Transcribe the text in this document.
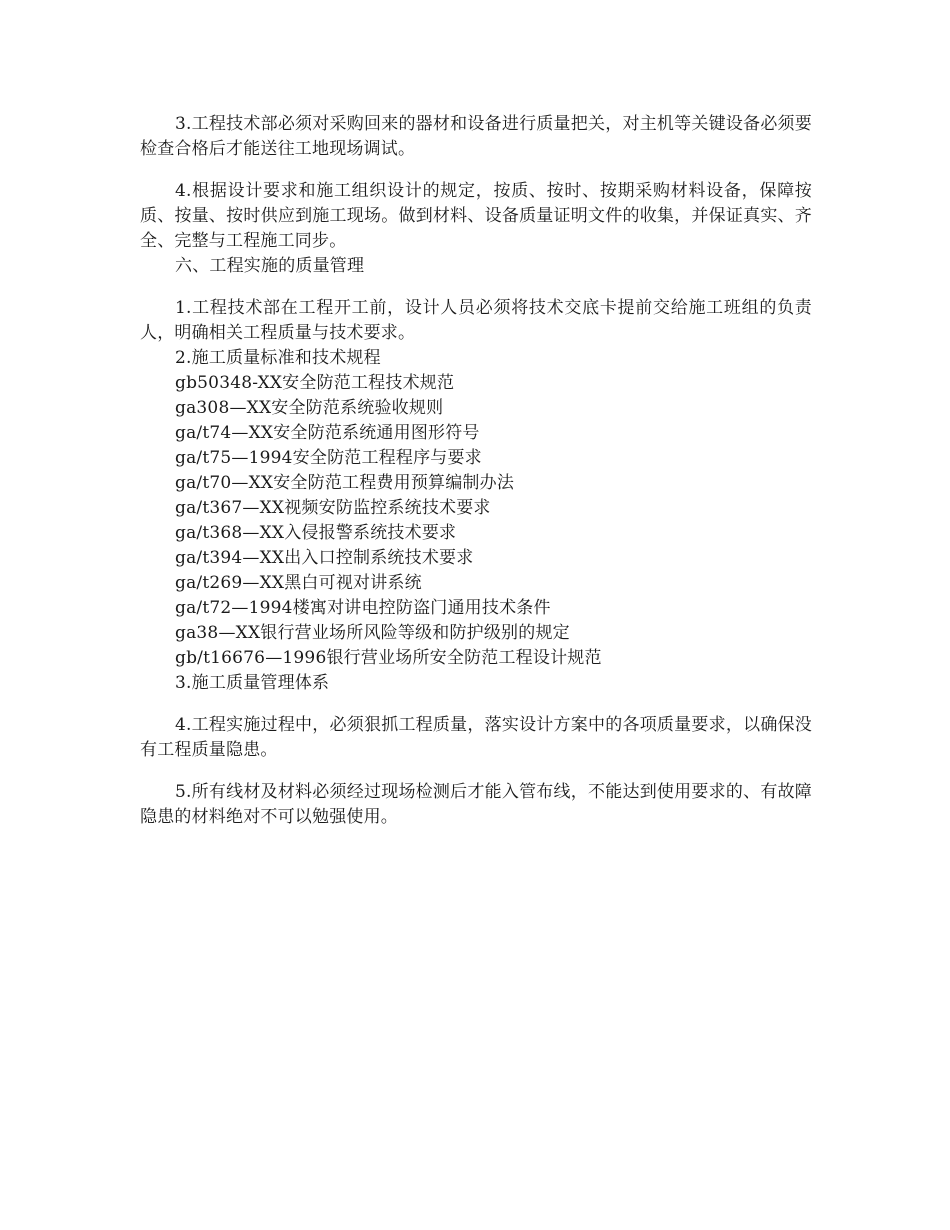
3.工程技术部必须对采购回来的器材和设备进行质量把关，对主机等关键设备必须要检查合格后才能送往工地现场调试。

4.根据设计要求和施工组织设计的规定，按质、按时、按期采购材料设备，保障按质、按量、按时供应到施工现场。做到材料、设备质量证明文件的收集，并保证真实、齐全、完整与工程施工同步。

六、工程实施的质量管理

1.工程技术部在工程开工前，设计人员必须将技术交底卡提前交给施工班组的负责人，明确相关工程质量与技术要求。

2.施工质量标准和技术规程

gb50348-XX安全防范工程技术规范

ga308—XX安全防范系统验收规则

ga/t74—XX安全防范系统通用图形符号

ga/t75—1994安全防范工程程序与要求

ga/t70—XX安全防范工程费用预算编制办法

ga/t367—XX视频安防监控系统技术要求

ga/t368—XX入侵报警系统技术要求

ga/t394—XX出入口控制系统技术要求

ga/t269—XX黑白可视对讲系统

ga/t72—1994楼寓对讲电控防盗门通用技术条件

ga38—XX银行营业场所风险等级和防护级别的规定

gb/t16676—1996银行营业场所安全防范工程设计规范

3.施工质量管理体系

4.工程实施过程中，必须狠抓工程质量，落实设计方案中的各项质量要求，以确保没有工程质量隐患。

5.所有线材及材料必须经过现场检测后才能入管布线，不能达到使用要求的、有故障隐患的材料绝对不可以勉强使用。
